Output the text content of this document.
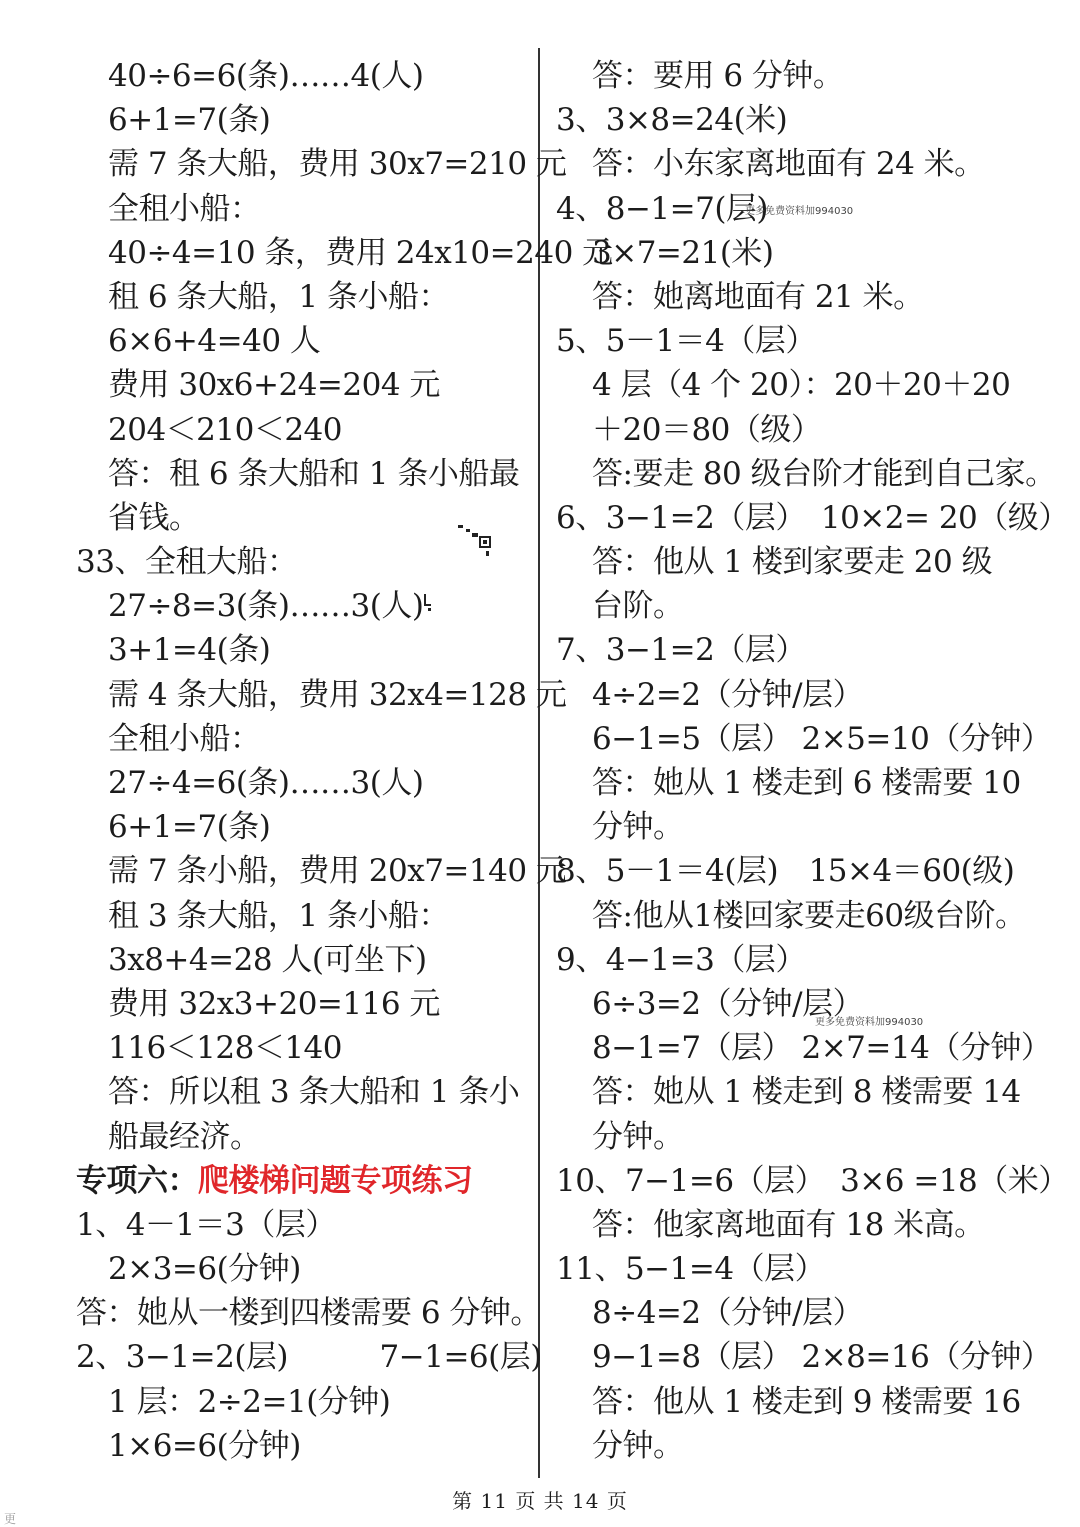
40÷6=6(条)……4(人)
6+1=7(条)
需 7 条大船，费用 30x7=210 元
全租小船：
40÷4=10 条，费用 24x10=240 元
租 6 条大船，1 条小船：
6×6+4=40 人
费用 30x6+24=204 元
204＜210＜240
答：租 6 条大船和 1 条小船最
省钱。
33、全租大船：
27÷8=3(条)……3(人)
3+1=4(条)
需 4 条大船，费用 32x4=128 元
全租小船：
27÷4=6(条)……3(人)
6+1=7(条)
需 7 条小船，费用 20x7=140 元
租 3 条大船，1 条小船：
3x8+4=28 人(可坐下)
费用 32x3+20=116 元
116＜128＜140
答：所以租 3 条大船和 1 条小
船最经济。
专项六：爬楼梯问题专项练习
1、4－1＝3（层）
2×3=6(分钟)
答：她从一楼到四楼需要 6 分钟。
2、3−1=2(层)　　　7−1=6(层)
1 层：2÷2=1(分钟)
1×6=6(分钟)
答：要用 6 分钟。
3、3×8=24(米)
答：小东家离地面有 24 米。
4、8−1=7(层)
3×7=21(米)
答：她离地面有 21 米。
5、5－1＝4（层）
4 层（4 个 20）：20＋20＋20
＋20＝80（级）
答:要走 80 级台阶才能到自己家。
6、3−1=2（层）　10×2= 20（级）
答：他从 1 楼到家要走 20 级
台阶。
7、3−1=2（层）
4÷2=2（分钟/层）
6−1=5（层） 2×5=10（分钟）
答：她从 1 楼走到 6 楼需要 10
分钟。
8、5－1＝4(层)　15×4＝60(级)
答:他从1楼回家要走60级台阶。
9、4−1=3（层）
6÷3=2（分钟/层）
8−1=7（层） 2×7=14（分钟）
答：她从 1 楼走到 8 楼需要 14
分钟。
10、7−1=6（层）　3×6 =18（米）
答：他家离地面有 18 米高。
11、5−1=4（层）
8÷4=2（分钟/层）
9−1=8（层） 2×8=16（分钟）
答：他从 1 楼走到 9 楼需要 16
分钟。
更多免费资料加994030
更多免费资料加994030
第 11 页 共 14 页
更
